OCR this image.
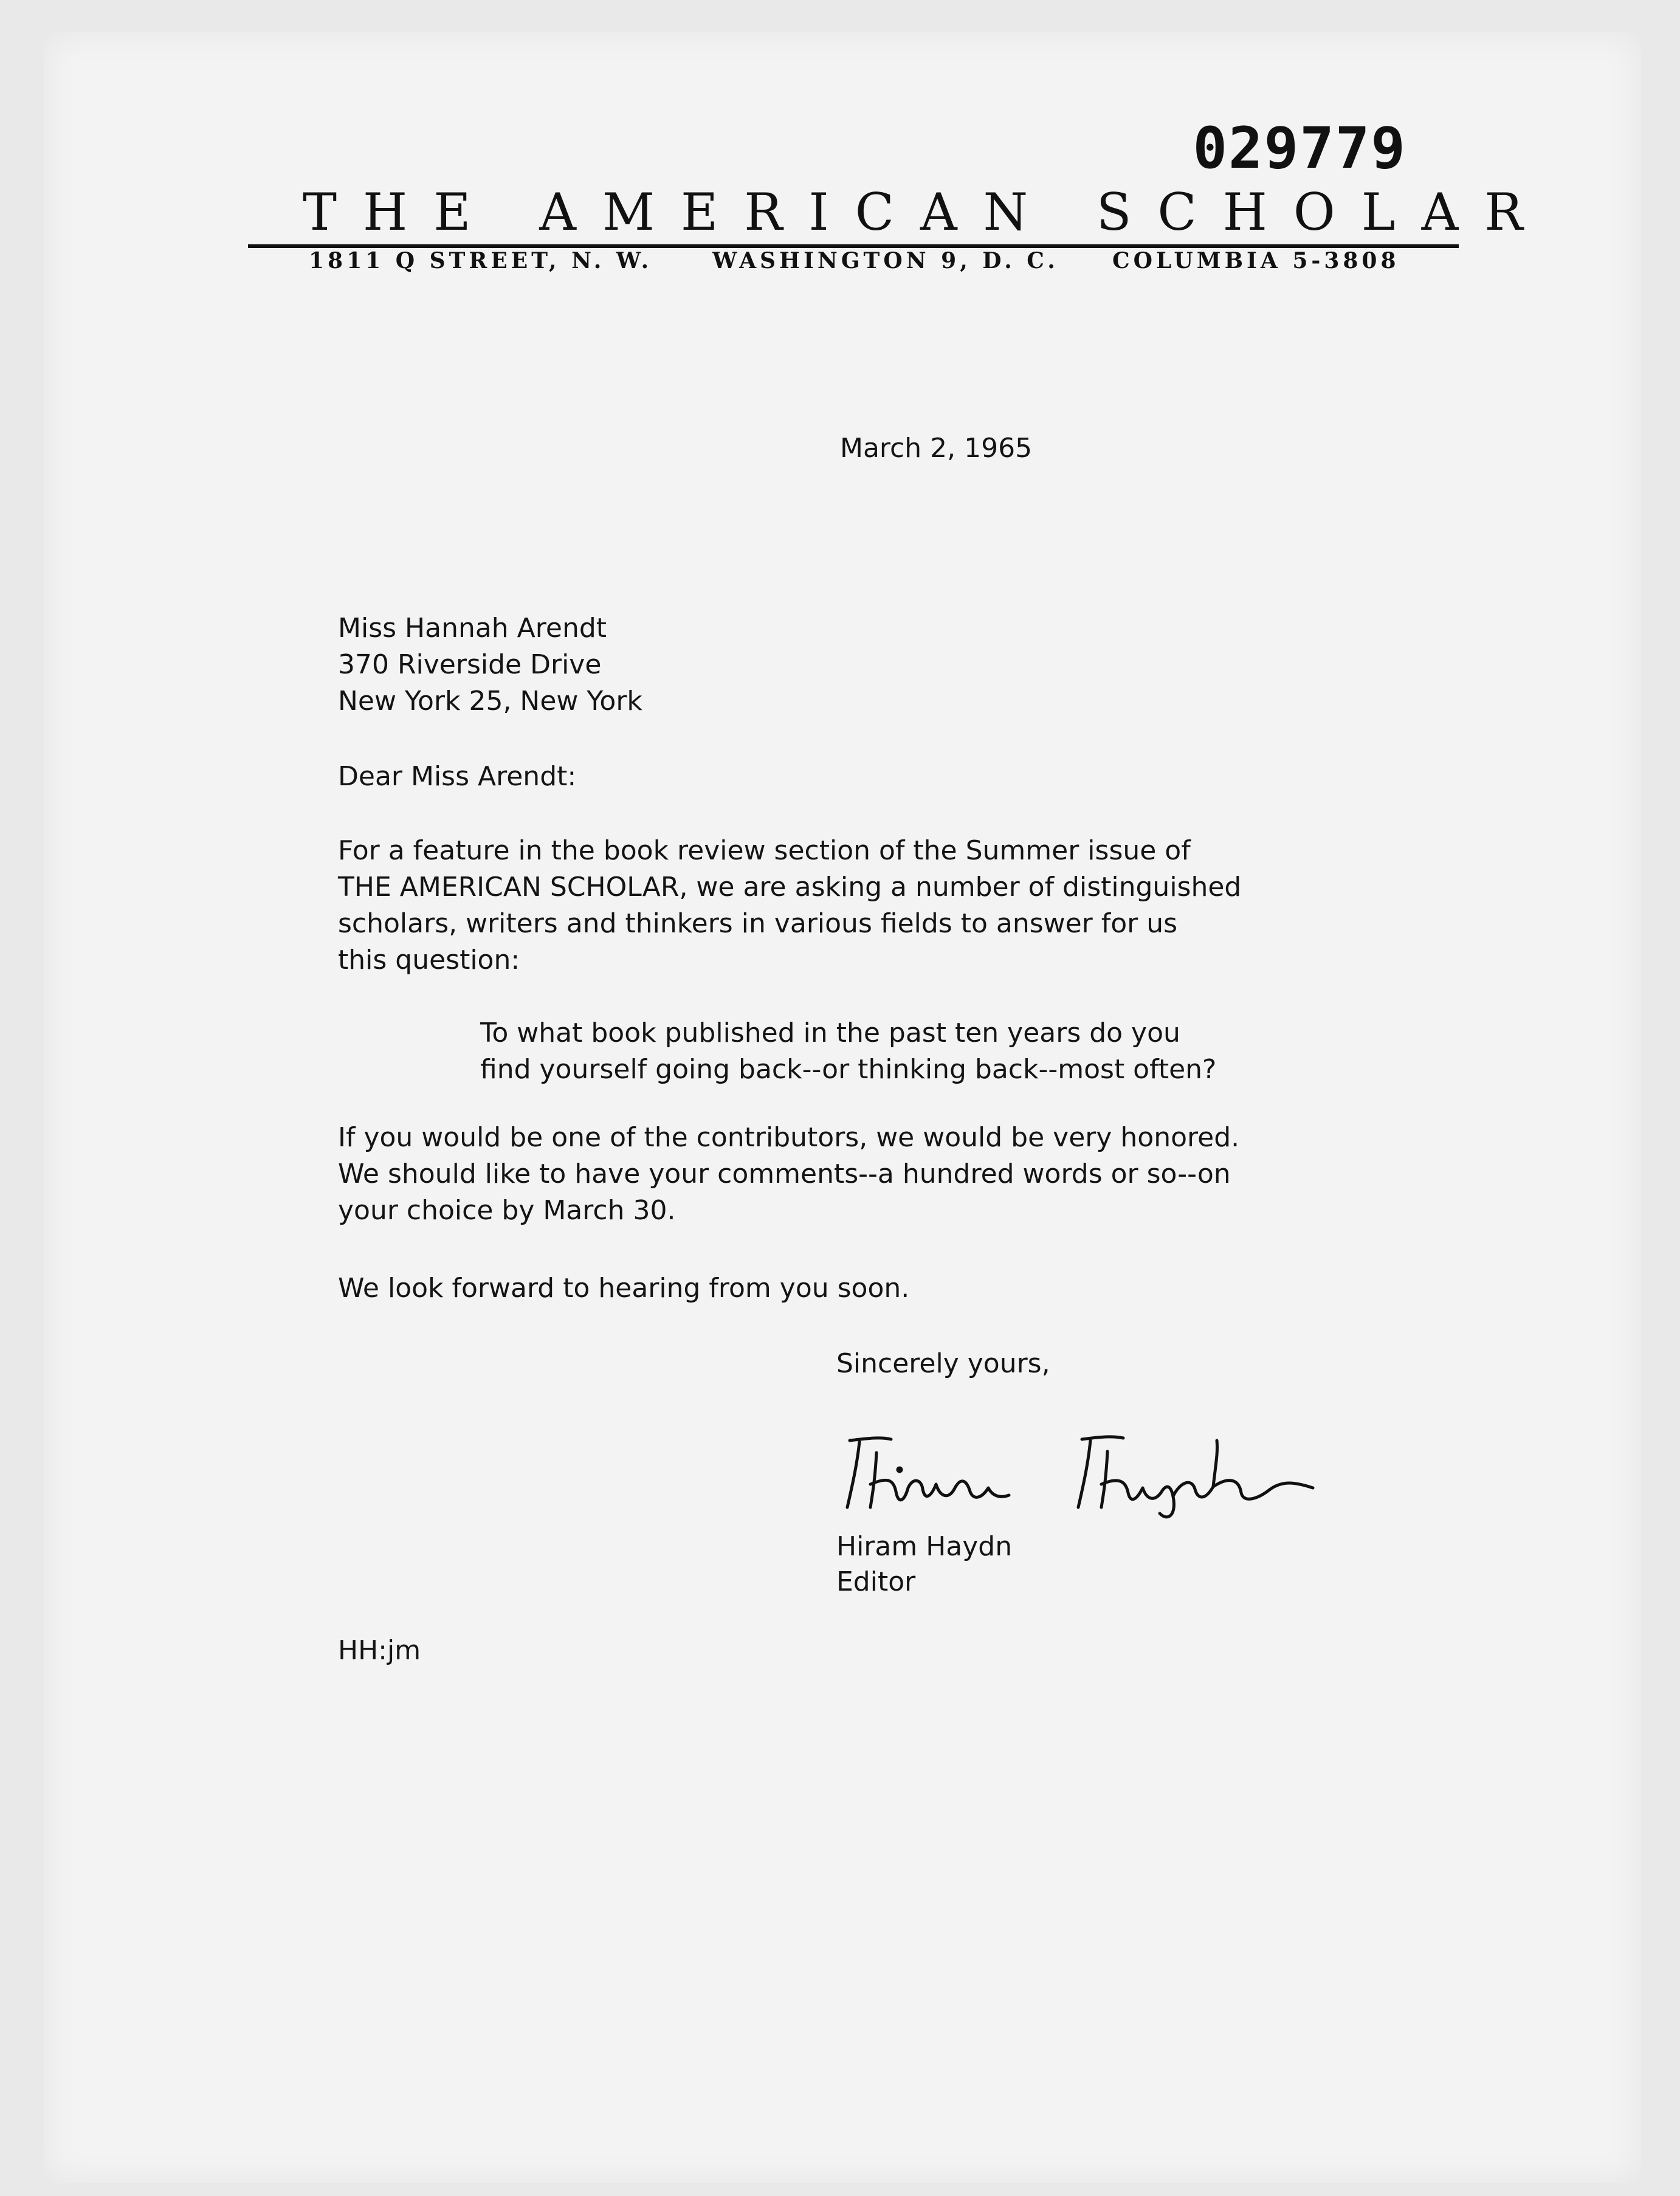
029779
THE AMERICAN SCHOLAR
1811 Q STREET, N. W.	WASHINGTON 9, D. C. COLUMBIA 5-3808
March 2, 1965
Miss Hannah Arendt
370 Riverside Drive
New York 25, New York
Dear Miss Arendt:
For a feature in the book review section of the Summer issue of
THE AMERICAN SCHOLAR, we are asking a number of distinguished
scholars, writers and thinkers in various fields to answer for us
this question:
To what book published in the past ten years do you
find yourself going back--or thinking back--most often?
If you would be one of the contributors, we would be very honored.
We should like to have your comments--a hundred words or so--on
your choice by March 30.
We look forward to hearing from you soon.
Sincerely yours,
Hiram Haydn
Editor
HH:jm
